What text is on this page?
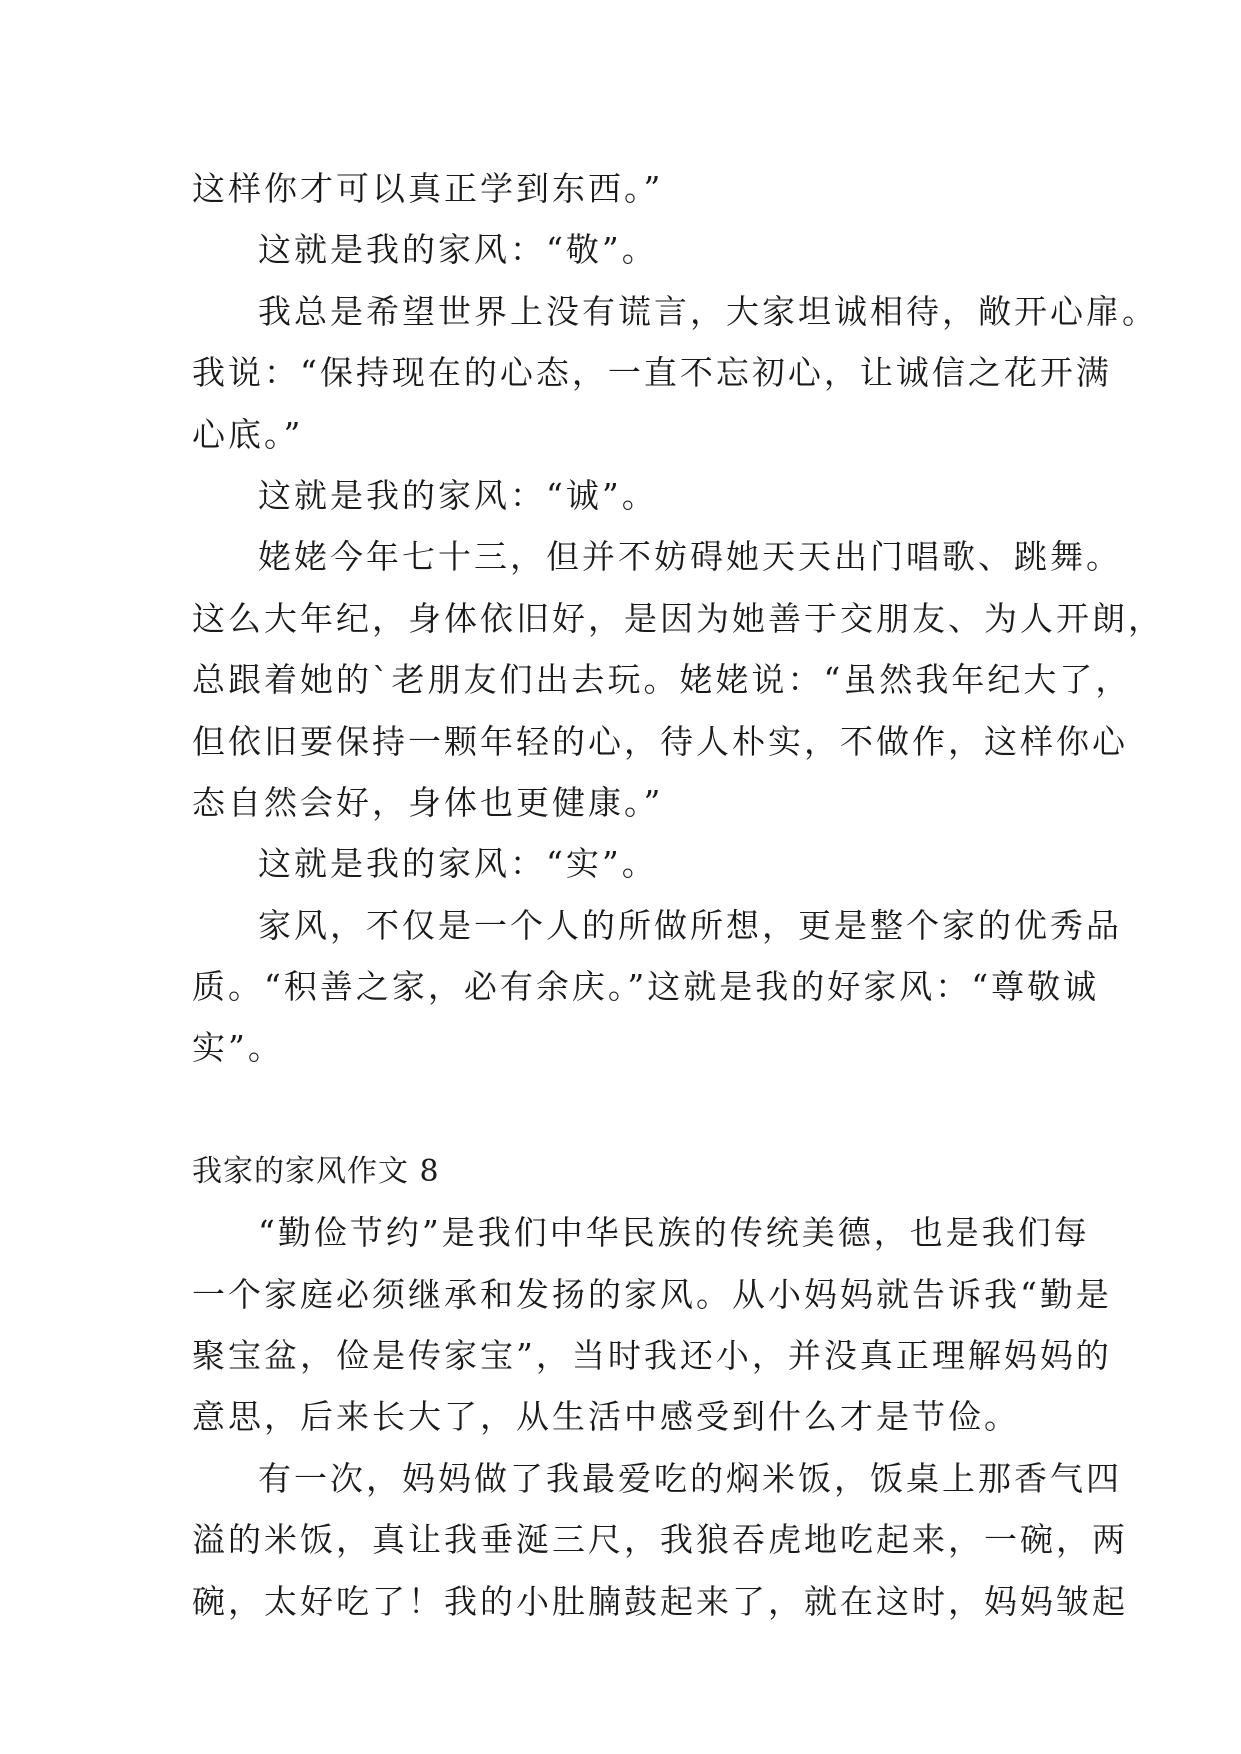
这样你才可以真正学到东西。”
这就是我的家风：“敬”。
我总是希望世界上没有谎言，大家坦诚相待，敞开心扉。
我说：“保持现在的心态，一直不忘初心，让诚信之花开满
心底。”
这就是我的家风：“诚”。
姥姥今年七十三，但并不妨碍她天天出门唱歌、跳舞。
这么大年纪，身体依旧好，是因为她善于交朋友、为人开朗，
总跟着她的`老朋友们出去玩。姥姥说：“虽然我年纪大了，
但依旧要保持一颗年轻的心，待人朴实，不做作，这样你心
态自然会好，身体也更健康。”
这就是我的家风：“实”。
家风，不仅是一个人的所做所想，更是整个家的优秀品
质。“积善之家，必有余庆。”这就是我的好家风：“尊敬诚
实”。
我家的家风作文 8
“勤俭节约”是我们中华民族的传统美德，也是我们每
一个家庭必须继承和发扬的家风。从小妈妈就告诉我“勤是
聚宝盆，俭是传家宝”，当时我还小，并没真正理解妈妈的
意思，后来长大了，从生活中感受到什么才是节俭。
有一次，妈妈做了我最爱吃的焖米饭，饭桌上那香气四
溢的米饭，真让我垂涎三尺，我狼吞虎地吃起来，一碗，两
碗，太好吃了！我的小肚腩鼓起来了，就在这时，妈妈皱起
